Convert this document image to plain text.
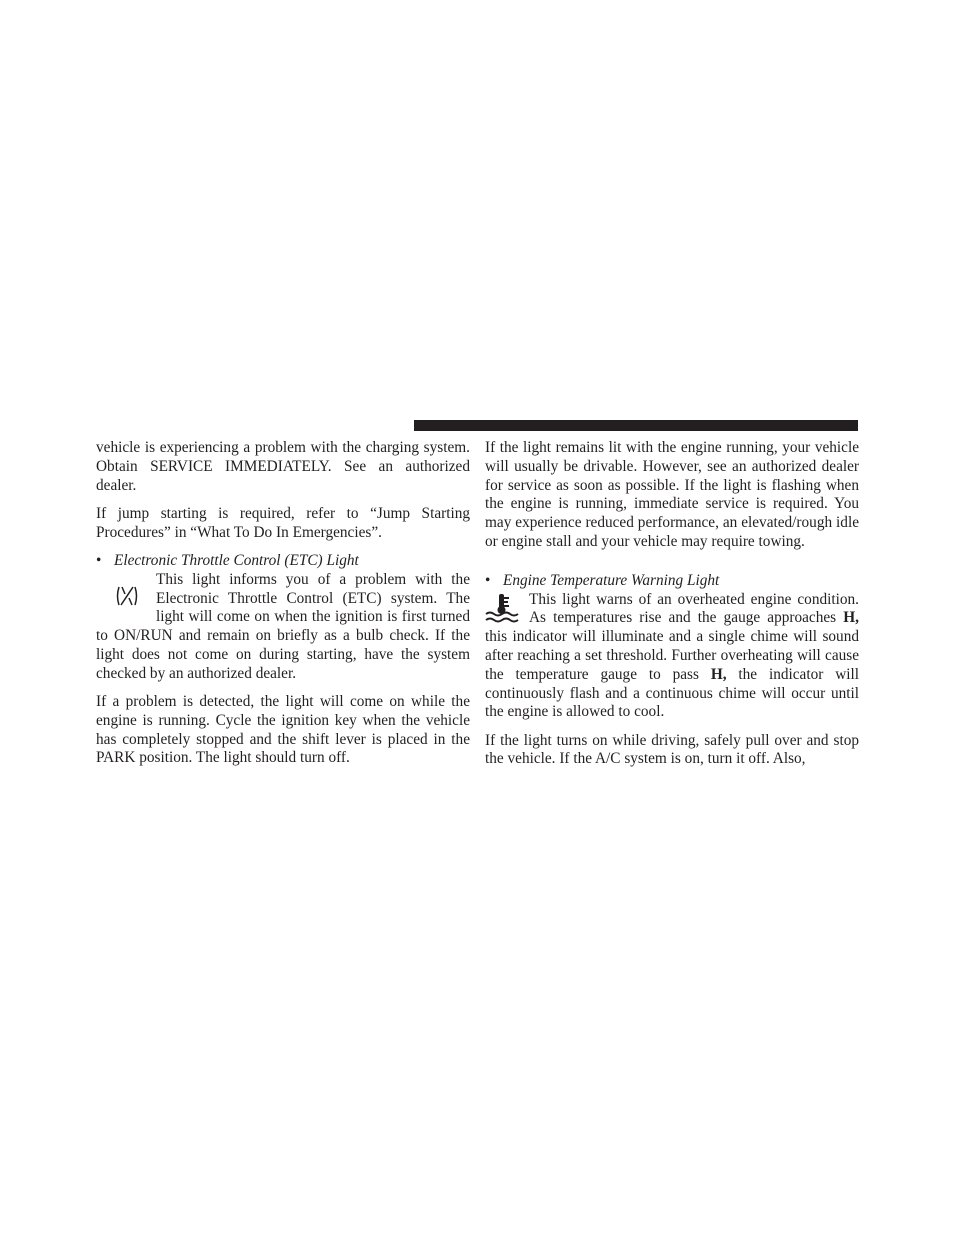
vehicle is experiencing a problem with the charging system. Obtain SERVICE IMMEDIATELY. See an authorized dealer.

If jump starting is required, refer to “Jump Starting Procedures” in “What To Do In Emergencies”.

• Electronic Throttle Control (ETC) Light

This light informs you of a problem with the Electronic Throttle Control (ETC) system. The light will come on when the ignition is first turned to ON/RUN and remain on briefly as a bulb check. If the light does not come on during starting, have the system checked by an authorized dealer.

If a problem is detected, the light will come on while the engine is running. Cycle the ignition key when the vehicle has completely stopped and the shift lever is placed in the PARK position. The light should turn off.

If the light remains lit with the engine running, your vehicle will usually be drivable. However, see an authorized dealer for service as soon as possible. If the light is flashing when the engine is running, immediate service is required. You may experience reduced performance, an elevated/rough idle or engine stall and your vehicle may require towing.

• Engine Temperature Warning Light

This light warns of an overheated engine condition. As temperatures rise and the gauge approaches H, this indicator will illuminate and a single chime will sound after reaching a set threshold. Further overheating will cause the temperature gauge to pass H, the indicator will continuously flash and a continuous chime will occur until the engine is allowed to cool.

If the light turns on while driving, safely pull over and stop the vehicle. If the A/C system is on, turn it off. Also,
